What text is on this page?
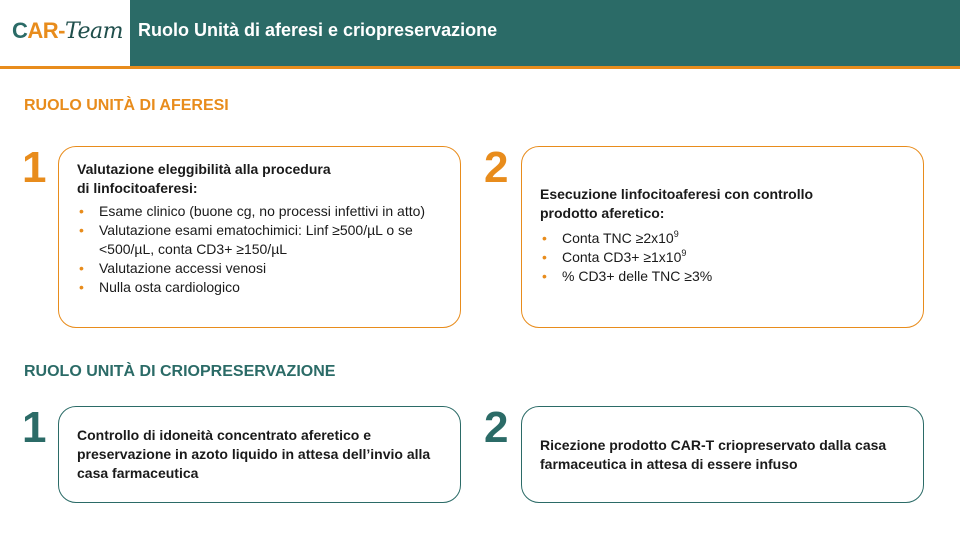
CAR-Team Ruolo Unità di aferesi e criopreservazione
RUOLO UNITÀ DI AFERESI
1 Valutazione eleggibilità alla procedura
di linfocitoaferesi:
• Esame clinico (buone cg, no processi infettivi in atto)
• Valutazione esami ematochimici: Linf ≥500/µL o se <500/µL, conta CD3+ ≥150/µL
• Valutazione accessi venosi
• Nulla osta cardiologico
2
Esecuzione linfocitoaferesi con controllo
prodotto aferetico:
• Conta TNC $\ge 2x10^9$
• Conta $CD3+ \ge 1x10^9$
• % CD3+ delle TNC ≥3%
RUOLO UNITÀ DI CRIOPRESERVAZIONE
1 Controllo di idoneità concentrato aferetico e preservazione in azoto liquido in attesa dell’invio alla casa farmaceutica
2 Ricezione prodotto CAR-T criopreservato dalla casa farmaceutica in attesa di essere infuso
